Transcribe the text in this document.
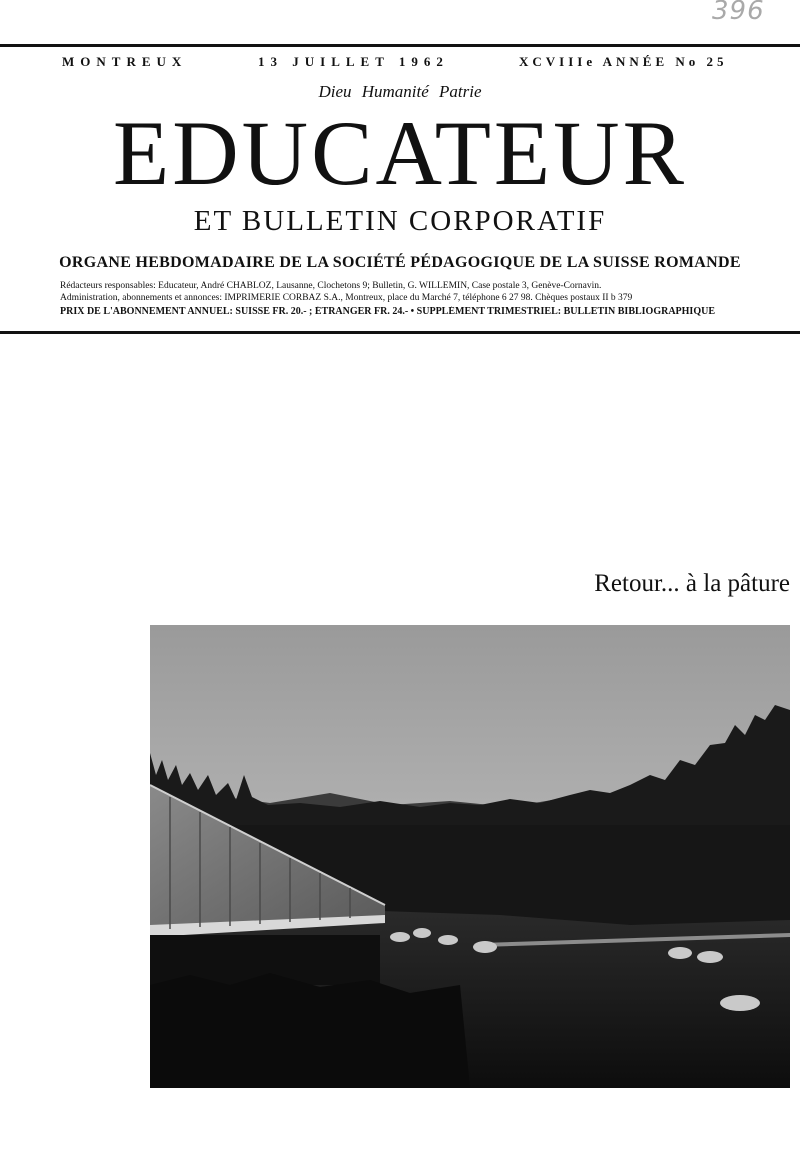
396
MONTREUX	13 JUILLET 1962	XCVIIIe ANNÉE No 25
Dieu Humanité Patrie
EDUCATEUR
ET BULLETIN CORPORATIF
ORGANE HEBDOMADAIRE DE LA SOCIÉTÉ PÉDAGOGIQUE DE LA SUISSE ROMANDE
Rédacteurs responsables: Educateur, André CHABLOZ, Lausanne, Clochetons 9; Bulletin, G. WILLEMIN, Case postale 3, Genève-Cornavin.
Administration, abonnements et annonces: IMPRIMERIE CORBAZ S.A., Montreux, place du Marché 7, téléphone 6 27 98. Chèques postaux II b 379
PRIX DE L'ABONNEMENT ANNUEL: SUISSE FR. 20.- ; ÉTRANGER FR. 24.- • SUPPLÉMENT TRIMESTRIEL: BULLETIN BIBLIOGRAPHIQUE
Retour... à la pâture
